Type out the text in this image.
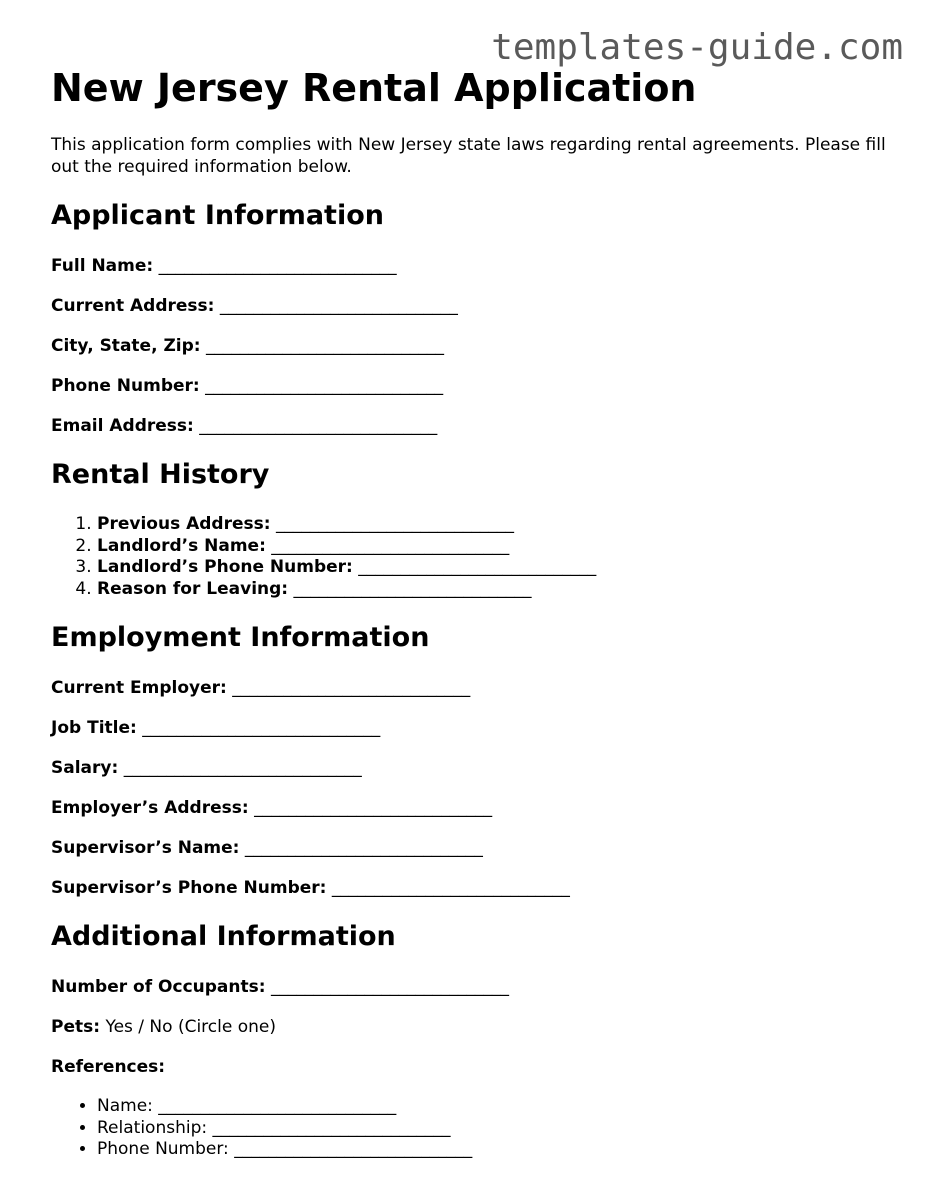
templates-guide.com
New Jersey Rental Application

This application form complies with New Jersey state laws regarding rental agreements. Please fill out the required information below.

Applicant Information

Full Name: ____________________________

Current Address: ____________________________

City, State, Zip: ____________________________

Phone Number: ____________________________

Email Address: ____________________________

Rental History
1. Previous Address: ____________________________
2. Landlord’s Name: ____________________________
3. Landlord’s Phone Number: ____________________________
4. Reason for Leaving: ____________________________
Employment Information

Current Employer: ____________________________

Job Title: ____________________________

Salary: ____________________________

Employer’s Address: ____________________________

Supervisor’s Name: ____________________________

Supervisor’s Phone Number: ____________________________

Additional Information

Number of Occupants: ____________________________

Pets: Yes / No (Circle one)

References:

• Name: ____________________________
• Relationship: ____________________________
• Phone Number: ____________________________
